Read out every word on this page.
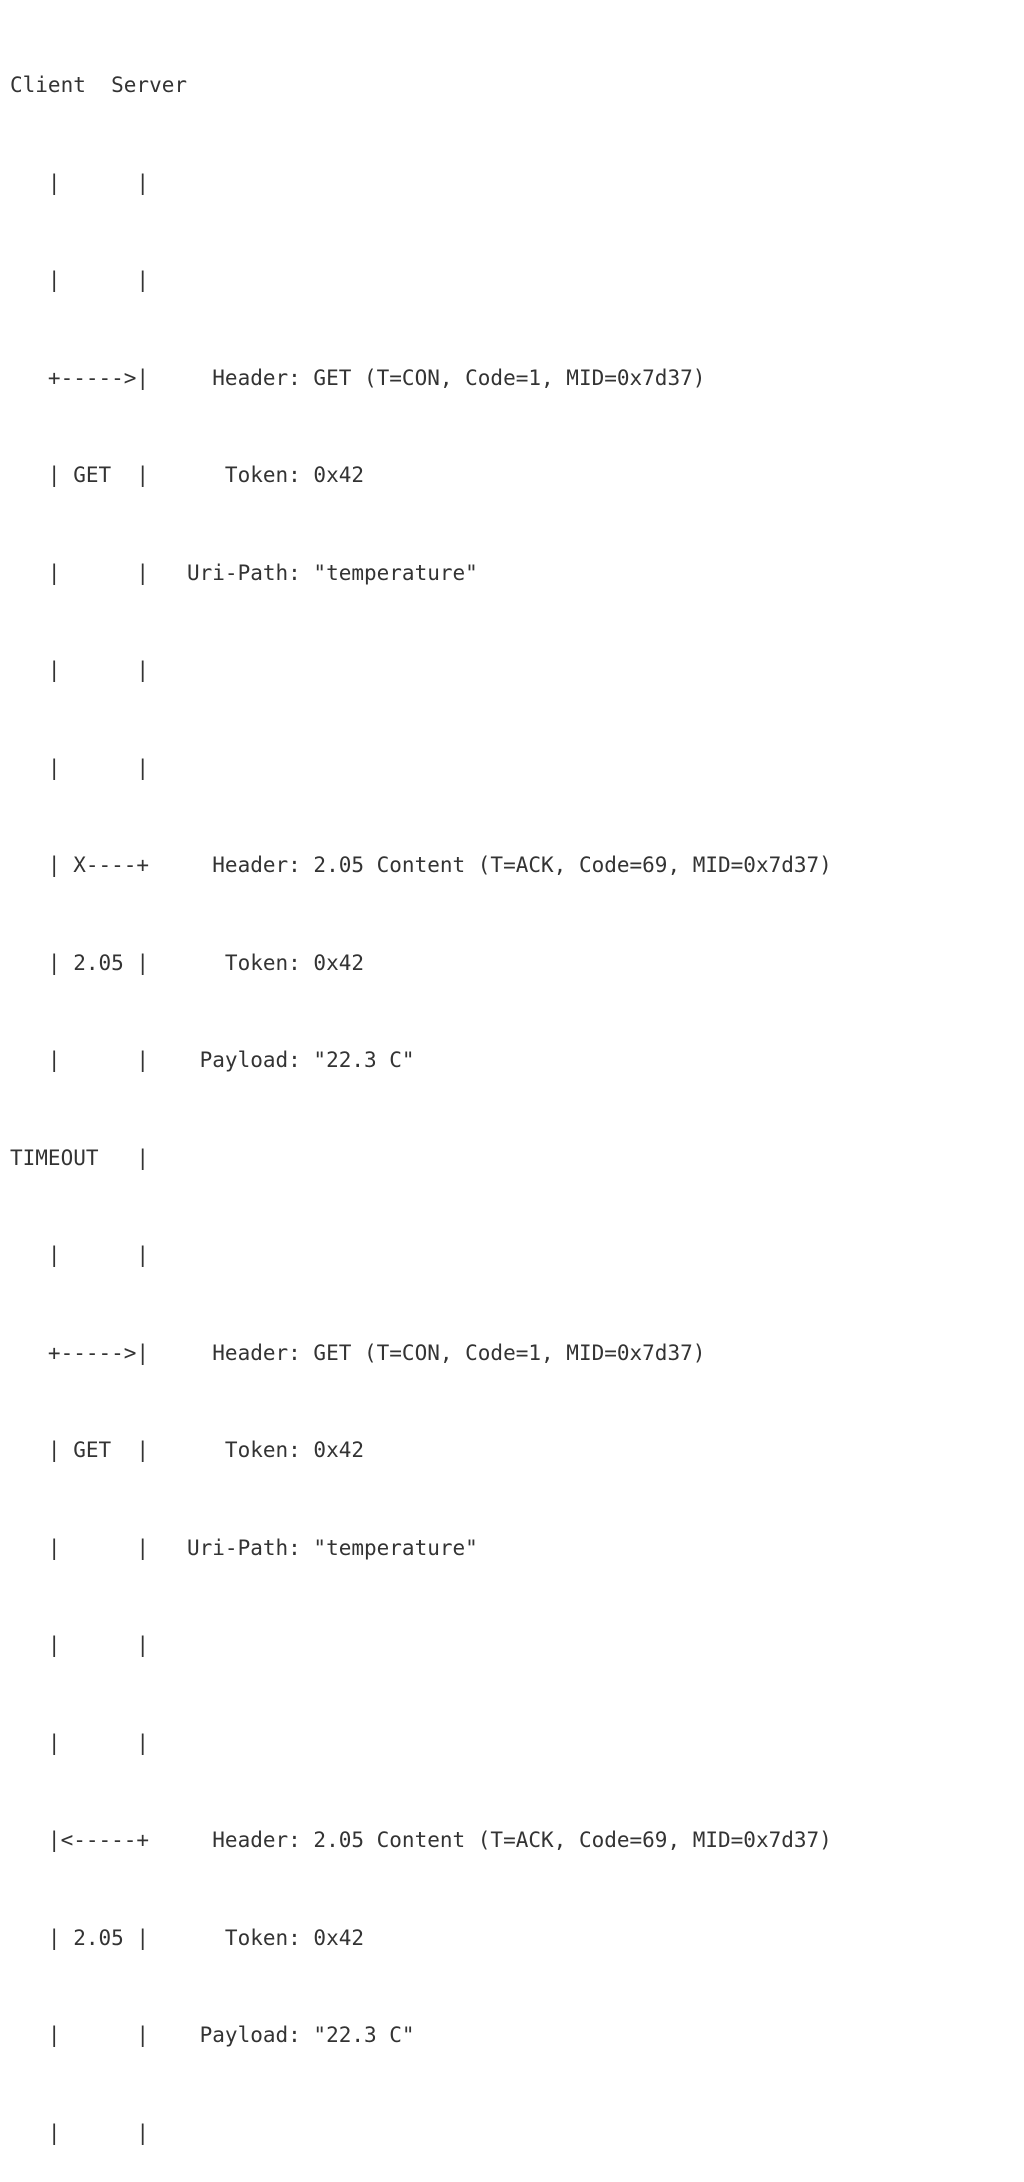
Client  Server

|      |

|      |

+----->|     Header: GET (T=CON, Code=1, MID=0x7d37)

| GET  |      Token: 0x42

|      |   Uri-Path: "temperature"

|      |

|      |

| X----+     Header: 2.05 Content (T=ACK, Code=69, MID=0x7d37)

| 2.05 |      Token: 0x42

|      |    Payload: "22.3 C"

TIMEOUT   |

|      |

+----->|     Header: GET (T=CON, Code=1, MID=0x7d37)

| GET  |      Token: 0x42

|      |   Uri-Path: "temperature"

|      |

|      |

|<-----+     Header: 2.05 Content (T=ACK, Code=69, MID=0x7d37)

| 2.05 |      Token: 0x42

|      |    Payload: "22.3 C"

|      |
